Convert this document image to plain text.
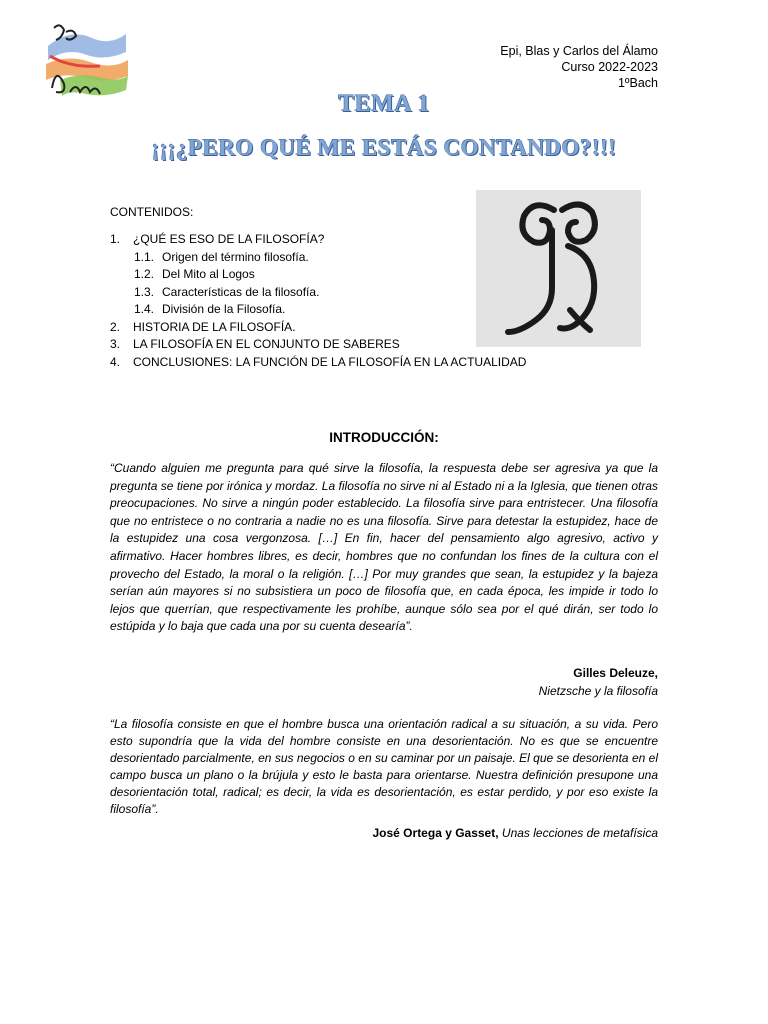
Epi, Blas y Carlos del Álamo
Curso 2022-2023
1ºBach
TEMA 1
¡¡¡¿PERO QUÉ ME ESTÁS CONTANDO?!!!
CONTENIDOS:
1. ¿QUÉ ES ESO DE LA FILOSOFÍA?
1.1. Origen del término filosofía.
1.2. Del Mito al Logos
1.3. Características de la filosofía.
1.4. División de la Filosofía.
2. HISTORIA DE LA FILOSOFÍA.
3. LA FILOSOFÍA EN EL CONJUNTO DE SABERES
4. CONCLUSIONES: LA FUNCIÓN DE LA FILOSOFÍA EN LA ACTUALIDAD
INTRODUCCIÓN:

“Cuando alguien me pregunta para qué sirve la filosofía, la respuesta debe ser agresiva ya que la pregunta se tiene por irónica y mordaz. La filosofía no sirve ni al Estado ni a la Iglesia, que tienen otras preocupaciones. No sirve a ningún poder establecido. La filosofía sirve para entristecer. Una filosofía que no entristece o no contraria a nadie no es una filosofía. Sirve para detestar la estupidez, hace de la estupidez una cosa vergonzosa. […] En fin, hacer del pensamiento algo agresivo, activo y afirmativo. Hacer hombres libres, es decir, hombres que no confundan los fines de la cultura con el provecho del Estado, la moral o la religión. […] Por muy grandes que sean, la estupidez y la bajeza serían aún mayores si no subsistiera un poco de filosofía que, en cada época, les impide ir todo lo lejos que querrían, que respectivamente les prohíbe, aunque sólo sea por el qué dirán, ser todo lo estúpida y lo baja que cada una por su cuenta desearía”.

Gilles Deleuze,
Nietzsche y la filosofía

“La filosofía consiste en que el hombre busca una orientación radical a su situación, a su vida. Pero esto supondría que la vida del hombre consiste en una desorientación. No es que se encuentre desorientado parcialmente, en sus negocios o en su caminar por un paisaje. El que se desorienta en el campo busca un plano o la brújula y esto le basta para orientarse. Nuestra definición presupone una desorientación total, radical; es decir, la vida es desorientación, es estar perdido, y por eso existe la filosofía”.

José Ortega y Gasset, Unas lecciones de metafísica
